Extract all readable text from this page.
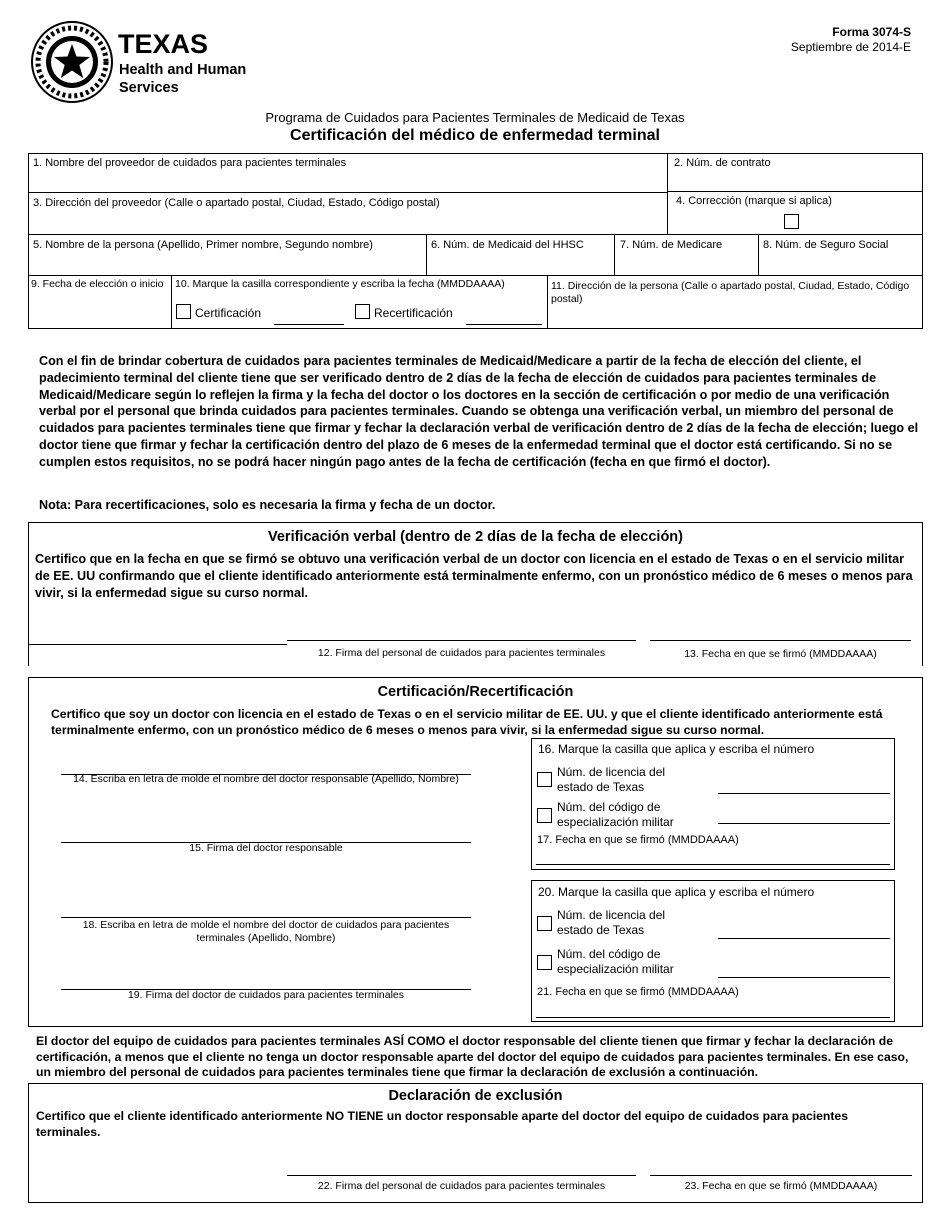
TEXAS
Health and Human
Services
Forma 3074-S
Septiembre de 2014-E
Programa de Cuidados para Pacientes Terminales de Medicaid de Texas
Certificación del médico de enfermedad terminal
1. Nombre del proveedor de cuidados para pacientes terminales	2. Núm. de contrato
3. Dirección del proveedor (Calle o apartado postal, Ciudad, Estado, Código postal)	4. Corrección (marque si aplica)
5. Nombre de la persona (Apellido, Primer nombre, Segundo nombre)	6. Núm. de Medicaid del HHSC	7. Núm. de Medicare	8. Núm. de Seguro Social
9. Fecha de elección o inicio 10. Marque la casilla correspondiente y escriba la fecha (MMDDAAAA)
Certificación	Recertificación
11. Dirección de la persona (Calle o apartado postal, Ciudad, Estado, Código postal)
Con el fin de brindar cobertura de cuidados para pacientes terminales de Medicaid/Medicare a partir de la fecha de elección del cliente, el padecimiento terminal del cliente tiene que ser verificado dentro de 2 días de la fecha de elección de cuidados para pacientes terminales de Medicaid/Medicare según lo reflejen la firma y la fecha del doctor o los doctores en la sección de certificación o por medio de una verificación verbal por el personal que brinda cuidados para pacientes terminales. Cuando se obtenga una verificación verbal, un miembro del personal de cuidados para pacientes terminales tiene que firmar y fechar la declaración verbal de verificación dentro de 2 días de la fecha de elección; luego el doctor tiene que firmar y fechar la certificación dentro del plazo de 6 meses de la enfermedad terminal que el doctor está certificando. Si no se cumplen estos requisitos, no se podrá hacer ningún pago antes de la fecha de certificación (fecha en que firmó el doctor).
Nota: Para recertificaciones, solo es necesaria la firma y fecha de un doctor.
Verificación verbal (dentro de 2 días de la fecha de elección)
Certifico que en la fecha en que se firmó se obtuvo una verificación verbal de un doctor con licencia en el estado de Texas o en el servicio militar de EE. UU confirmando que el cliente identificado anteriormente está terminalmente enfermo, con un pronóstico médico de 6 meses o menos para vivir, si la enfermedad sigue su curso normal.
12. Firma del personal de cuidados para pacientes terminales	13. Fecha en que se firmó (MMDDAAAA)
Certificación/Recertificación
Certifico que soy un doctor con licencia en el estado de Texas o en el servicio militar de EE. UU. y que el cliente identificado anteriormente está terminalmente enfermo, con un pronóstico médico de 6 meses o menos para vivir, si la enfermedad sigue su curso normal.
14. Escriba en letra de molde el nombre del doctor responsable (Apellido, Nombre)
15. Firma del doctor responsable
18. Escriba en letra de molde el nombre del doctor de cuidados para pacientes
terminales (Apellido, Nombre)
19. Firma del doctor de cuidados para pacientes terminales
16. Marque la casilla que aplica y escriba el número
Núm. de licencia del
estado de Texas
Núm. del código de
especialización militar
17. Fecha en que se firmó (MMDDAAAA)
20. Marque la casilla que aplica y escriba el número
Núm. de licencia del
estado de Texas
Núm. del código de
especialización militar
21. Fecha en que se firmó (MMDDAAAA)
El doctor del equipo de cuidados para pacientes terminales ASÍ COMO el doctor responsable del cliente tienen que firmar y fechar la declaración de certificación, a menos que el cliente no tenga un doctor responsable aparte del doctor del equipo de cuidados para pacientes terminales. En ese caso, un miembro del personal de cuidados para pacientes terminales tiene que firmar la declaración de exclusión a continuación.
Declaración de exclusión
Certifico que el cliente identificado anteriormente NO TIENE un doctor responsable aparte del doctor del equipo de cuidados para pacientes terminales.
22. Firma del personal de cuidados para pacientes terminales	23. Fecha en que se firmó (MMDDAAAA)
